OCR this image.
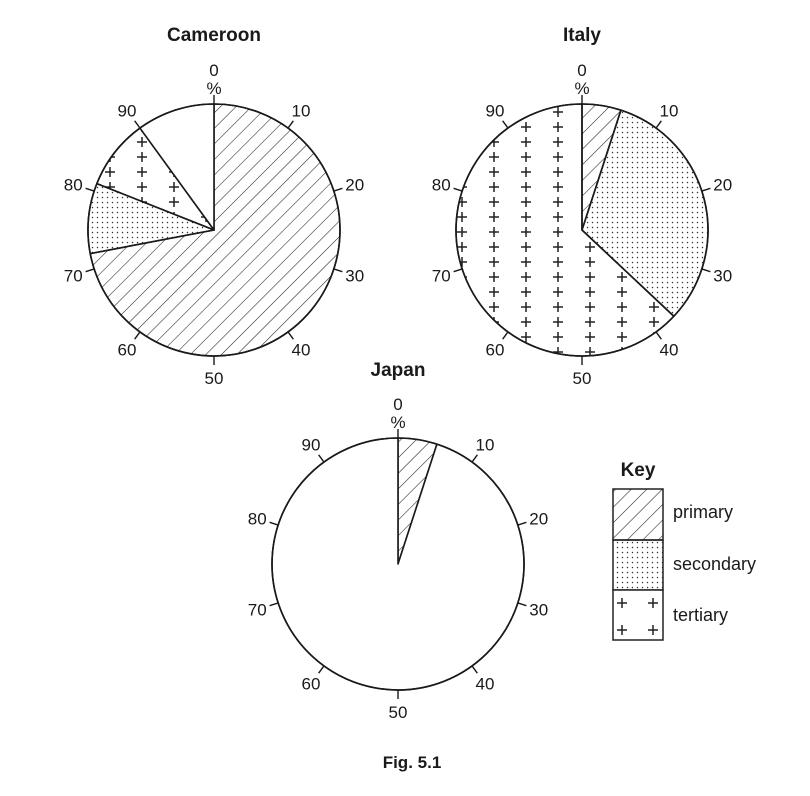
Cameroon
0
%
10
20
30
40
50
60
70
80
90
Italy
0
%
10
20
30
40
50
60
70
80
90
Japan
0
%
10
20
30
40
50
60
70
80
90
Key
primary
secondary
tertiary
Fig. 5.1
